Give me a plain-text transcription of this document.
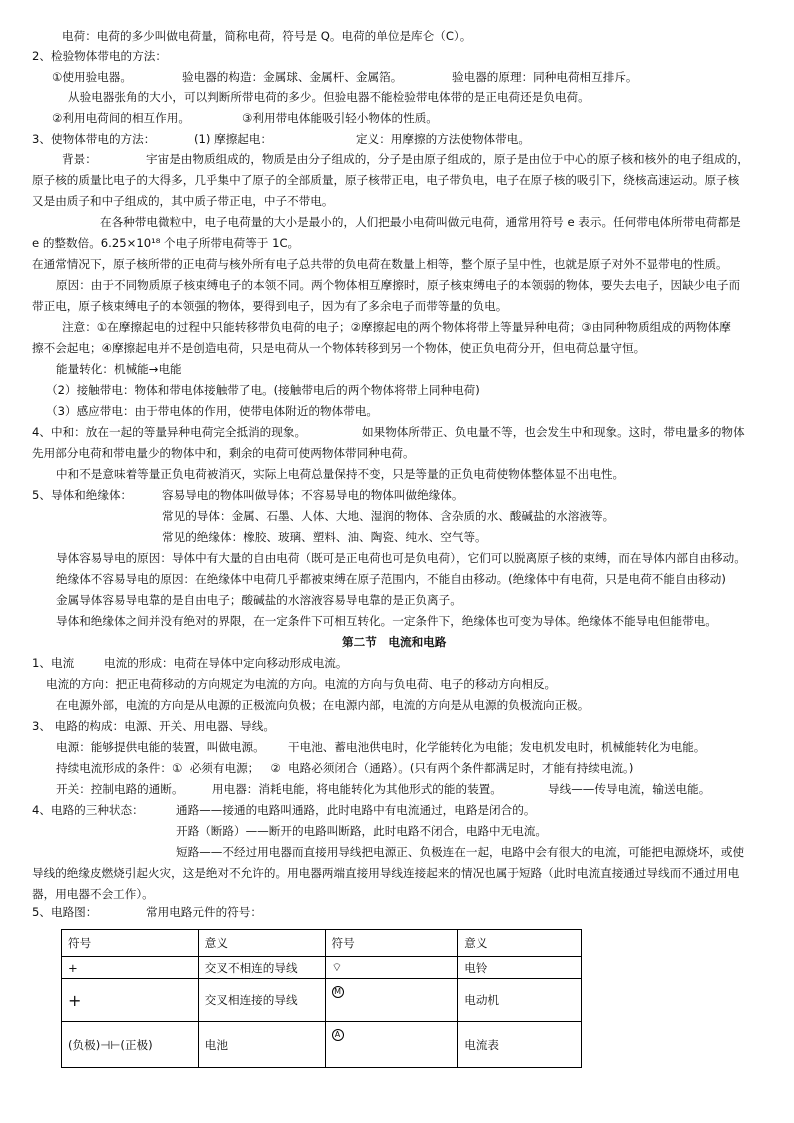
电荷：电荷的多少叫做电荷量，简称电荷，符号是 Q。电荷的单位是库仑（C）。
2、检验物体带电的方法：
①使用验电器。	验电器的构造：金属球、金属杆、金属箔。	验电器的原理：同种电荷相互排斥。
从验电器张角的大小，可以判断所带电荷的多少。但验电器不能检验带电体带的是正电荷还是负电荷。
②利用电荷间的相互作用。	③利用带电体能吸引轻小物体的性质。
3、使物体带电的方法：	(1) 摩擦起电：	定义：用摩擦的方法使物体带电。
背景：	宇宙是由物质组成的，物质是由分子组成的，分子是由原子组成的，原子是由位于中心的原子核和核外的电子组成的，
原子核的质量比电子的大得多，几乎集中了原子的全部质量，原子核带正电，电子带负电，电子在原子核的吸引下，绕核高速运动。原子核
又是由质子和中子组成的，其中质子带正电，中子不带电。
在各种带电微粒中，电子电荷量的大小是最小的，人们把最小电荷叫做元电荷，通常用符号 e 表示。任何带电体所带电荷都是
e 的整数倍。6.25×10¹⁸ 个电子所带电荷等于 1C。
在通常情况下，原子核所带的正电荷与核外所有电子总共带的负电荷在数量上相等，整个原子呈中性，也就是原子对外不显带电的性质。
原因：由于不同物质原子核束缚电子的本领不同。两个物体相互摩擦时，原子核束缚电子的本领弱的物体，要失去电子，因缺少电子而
带正电，原子核束缚电子的本领强的物体，要得到电子，因为有了多余电子而带等量的负电。
注意：①在摩擦起电的过程中只能转移带负电荷的电子；②摩擦起电的两个物体将带上等量异种电荷；③由同种物质组成的两物体摩
擦不会起电；④摩擦起电并不是创造电荷，只是电荷从一个物体转移到另一个物体，使正负电荷分开，但电荷总量守恒。
能量转化：机械能→电能
（2）接触带电：物体和带电体接触带了电。(接触带电后的两个物体将带上同种电荷)
（3）感应带电：由于带电体的作用，使带电体附近的物体带电。
4、中和：放在一起的等量异种电荷完全抵消的现象。	如果物体所带正、负电量不等，也会发生中和现象。这时，带电量多的物体
先用部分电荷和带电量少的物体中和，剩余的电荷可使两物体带同种电荷。
中和不是意味着等量正负电荷被消灭，实际上电荷总量保持不变，只是等量的正负电荷使物体整体显不出电性。
5、导体和绝缘体：	容易导电的物体叫做导体；不容易导电的物体叫做绝缘体。
常见的导体：金属、石墨、人体、大地、湿润的物体、含杂质的水、酸碱盐的水溶液等。
常见的绝缘体：橡胶、玻璃、塑料、油、陶瓷、纯水、空气等。
导体容易导电的原因：导体中有大量的自由电荷（既可是正电荷也可是负电荷），它们可以脱离原子核的束缚，而在导体内部自由移动。
绝缘体不容易导电的原因：在绝缘体中电荷几乎都被束缚在原子范围内，不能自由移动。(绝缘体中有电荷，只是电荷不能自由移动)
金属导体容易导电靠的是自由电子；酸碱盐的水溶液容易导电靠的是正负离子。
导体和绝缘体之间并没有绝对的界限，在一定条件下可相互转化。一定条件下，绝缘体也可变为导体。绝缘体不能导电但能带电。
第二节　电流和电路
1、电流	电流的形成：电荷在导体中定向移动形成电流。
电流的方向：把正电荷移动的方向规定为电流的方向。电流的方向与负电荷、电子的移动方向相反。
在电源外部，电流的方向是从电源的正极流向负极；在电源内部，电流的方向是从电源的负极流向正极。
3、 电路的构成：电源、开关、用电器、导线。
电源：能够提供电能的装置，叫做电源。 干电池、蓄电池供电时，化学能转化为电能；发电机发电时，机械能转化为电能。
持续电流形成的条件：①  必须有电源；   ②  电路必须闭合（通路）。(只有两个条件都满足时，才能有持续电流。)
开关：控制电路的通断。 用电器：消耗电能，将电能转化为其他形式的能的装置。	导线——传导电流，输送电能。
4、电路的三种状态：	通路——接通的电路叫通路，此时电路中有电流通过，电路是闭合的。
开路（断路）——断开的电路叫断路，此时电路不闭合，电路中无电流。
短路——不经过用电器而直接用导线把电源正、负极连在一起，电路中会有很大的电流，可能把电源烧坏，或使
导线的绝缘皮燃烧引起火灾，这是绝对不允许的。用电器两端直接用导线连接起来的情况也属于短路（此时电流直接通过导线而不通过用电
器，用电器不会工作）。
5、电路图：	常用电路元件的符号：
符号	意义	符号	意义
+	交叉不相连的导线	⌔	电铃
+	交叉相连接的导线	M	电动机
(负极)⊣⊢(正极)	电池	A	电流表
